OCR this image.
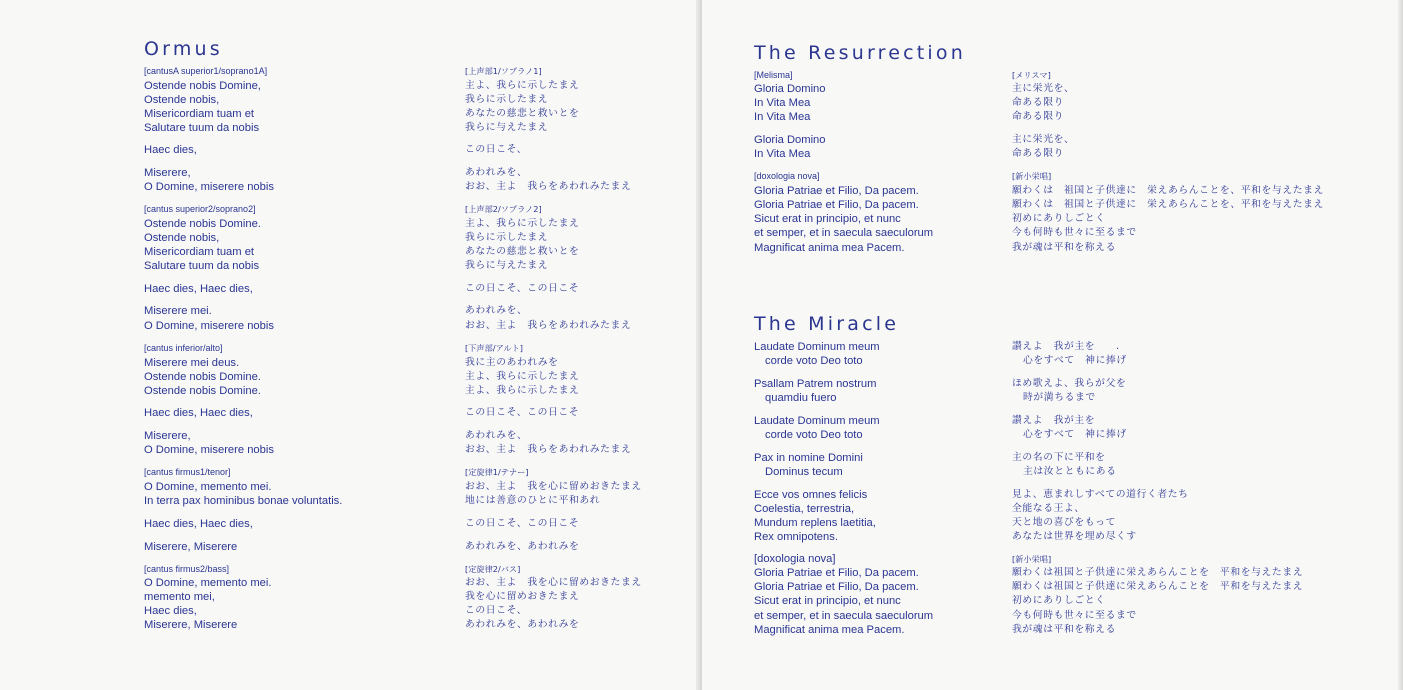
Ormus
[cantusA superior1/soprano1A]
Ostende nobis Domine,
Ostende nobis,
Misericordiam tuam et
Salutare tuum da nobis
Haec dies,
Miserere,
O Domine, miserere nobis
[cantus superior2/soprano2]
Ostende nobis Domine.
Ostende nobis,
Misericordiam tuam et
Salutare tuum da nobis
Haec dies, Haec dies,
Miserere mei.
O Domine, miserere nobis
[cantus inferior/alto]
Miserere mei deus.
Ostende nobis Domine.
Ostende nobis Domine.
Haec dies, Haec dies,
Miserere,
O Domine, miserere nobis
[cantus firmus1/tenor]
O Domine, memento mei.
In terra pax hominibus bonae voluntatis.
Haec dies, Haec dies,
Miserere, Miserere
[cantus firmus2/bass]
O Domine, memento mei.
memento mei,
Haec dies,
Miserere, Miserere
[上声部1/ソプラノ1]
主よ、我らに示したまえ
我らに示したまえ
あなたの慈悲と救いとを
我らに与えたまえ
この日こそ、
あわれみを、
おお、主よ　我らをあわれみたまえ
[上声部2/ソプラノ2]
主よ、我らに示したまえ
我らに示したまえ
あなたの慈悲と救いとを
我らに与えたまえ
この日こそ、この日こそ
あわれみを、
おお、主よ　我らをあわれみたまえ
[下声部/アルト]
我に主のあわれみを
主よ、我らに示したまえ
主よ、我らに示したまえ
この日こそ、この日こそ
あわれみを、
おお、主よ　我らをあわれみたまえ
[定旋律1/テナー]
おお、主よ　我を心に留めおきたまえ
地には善意のひとに平和あれ
この日こそ、この日こそ
あわれみを、あわれみを
[定旋律2/バス]
おお、主よ　我を心に留めおきたまえ
我を心に留めおきたまえ
この日こそ、
あわれみを、あわれみを
The Resurrection
[Melisma]
Gloria Domino
In Vita Mea
In Vita Mea
Gloria Domino
In Vita Mea
[doxologia nova]
Gloria Patriae et Filio, Da pacem.
Gloria Patriae et Filio, Da pacem.
Sicut erat in principio, et nunc
et semper, et in saecula saeculorum
Magnificat anima mea Pacem.
[メリスマ]
主に栄光を、
命ある限り
命ある限り
主に栄光を、
命ある限り
[新小栄唱]
願わくは　祖国と子供達に　栄えあらんことを、平和を与えたまえ
願わくは　祖国と子供達に　栄えあらんことを、平和を与えたまえ
初めにありしごとく
今も何時も世々に至るまで
我が魂は平和を称える
The Miracle
Laudate Dominum meum
corde voto Deo toto
Psallam Patrem nostrum
quamdiu fuero
Laudate Dominum meum
corde voto Deo toto
Pax in nomine Domini
Dominus tecum
Ecce vos omnes felicis
Coelestia, terrestria,
Mundum replens laetitia,
Rex omnipotens.
[doxologia nova]
Gloria Patriae et Filio, Da pacem.
Gloria Patriae et Filio, Da pacem.
Sicut erat in principio, et nunc
et semper, et in saecula saeculorum
Magnificat anima mea Pacem.
讃えよ　我が主を　　.
心をすべて　神に捧げ
ほめ歌えよ、我らが父を
時が満ちるまで
讃えよ　我が主を
心をすべて　神に捧げ
主の名の下に平和を
主は汝とともにある
見よ、恵まれしすべての道行く者たち
全能なる王よ、
天と地の喜びをもって
あなたは世界を埋め尽くす
[新小栄唱]
願わくは祖国と子供達に栄えあらんことを　平和を与えたまえ
願わくは祖国と子供達に栄えあらんことを　平和を与えたまえ
初めにありしごとく
今も何時も世々に至るまで
我が魂は平和を称える
